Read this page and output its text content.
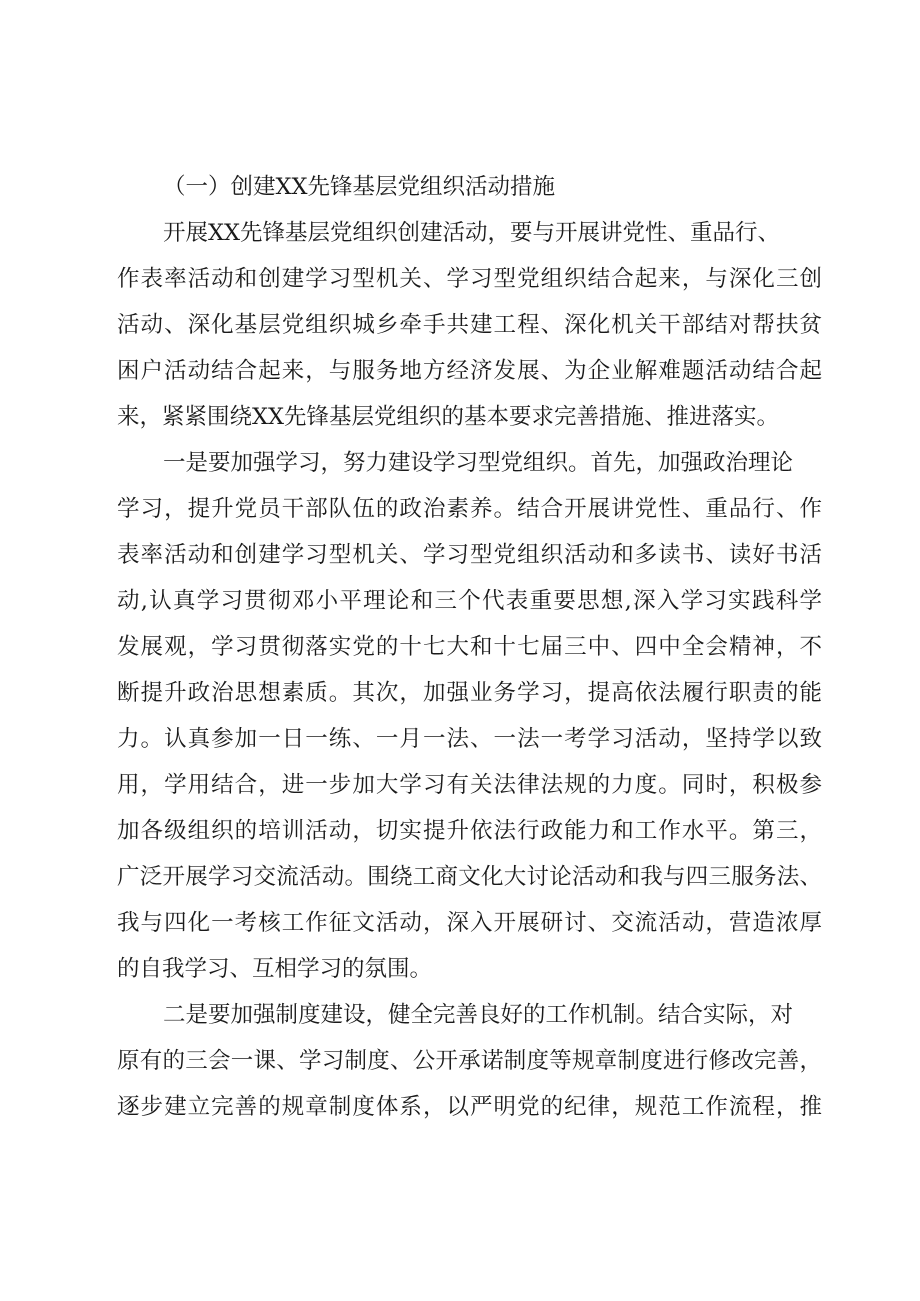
（一）创建XX先锋基层党组织活动措施

开展XX先锋基层党组织创建活动，要与开展讲党性、重品行、

作表率活动和创建学习型机关、学习型党组织结合起来，与深化三创

活动、深化基层党组织城乡牵手共建工程、深化机关干部结对帮扶贫

困户活动结合起来，与服务地方经济发展、为企业解难题活动结合起

来，紧紧围绕XX先锋基层党组织的基本要求完善措施、推进落实。

一是要加强学习，努力建设学习型党组织。首先，加强政治理论

学习，提升党员干部队伍的政治素养。结合开展讲党性、重品行、作

表率活动和创建学习型机关、学习型党组织活动和多读书、读好书活

动,认真学习贯彻邓小平理论和三个代表重要思想,深入学习实践科学

发展观，学习贯彻落实党的十七大和十七届三中、四中全会精神，不

断提升政治思想素质。其次，加强业务学习，提高依法履行职责的能

力。认真参加一日一练、一月一法、一法一考学习活动，坚持学以致

用，学用结合，进一步加大学习有关法律法规的力度。同时，积极参

加各级组织的培训活动，切实提升依法行政能力和工作水平。第三，

广泛开展学习交流活动。围绕工商文化大讨论活动和我与四三服务法、

我与四化一考核工作征文活动，深入开展研讨、交流活动，营造浓厚

的自我学习、互相学习的氛围。

二是要加强制度建设，健全完善良好的工作机制。结合实际，对

原有的三会一课、学习制度、公开承诺制度等规章制度进行修改完善，

逐步建立完善的规章制度体系，以严明党的纪律，规范工作流程，推
